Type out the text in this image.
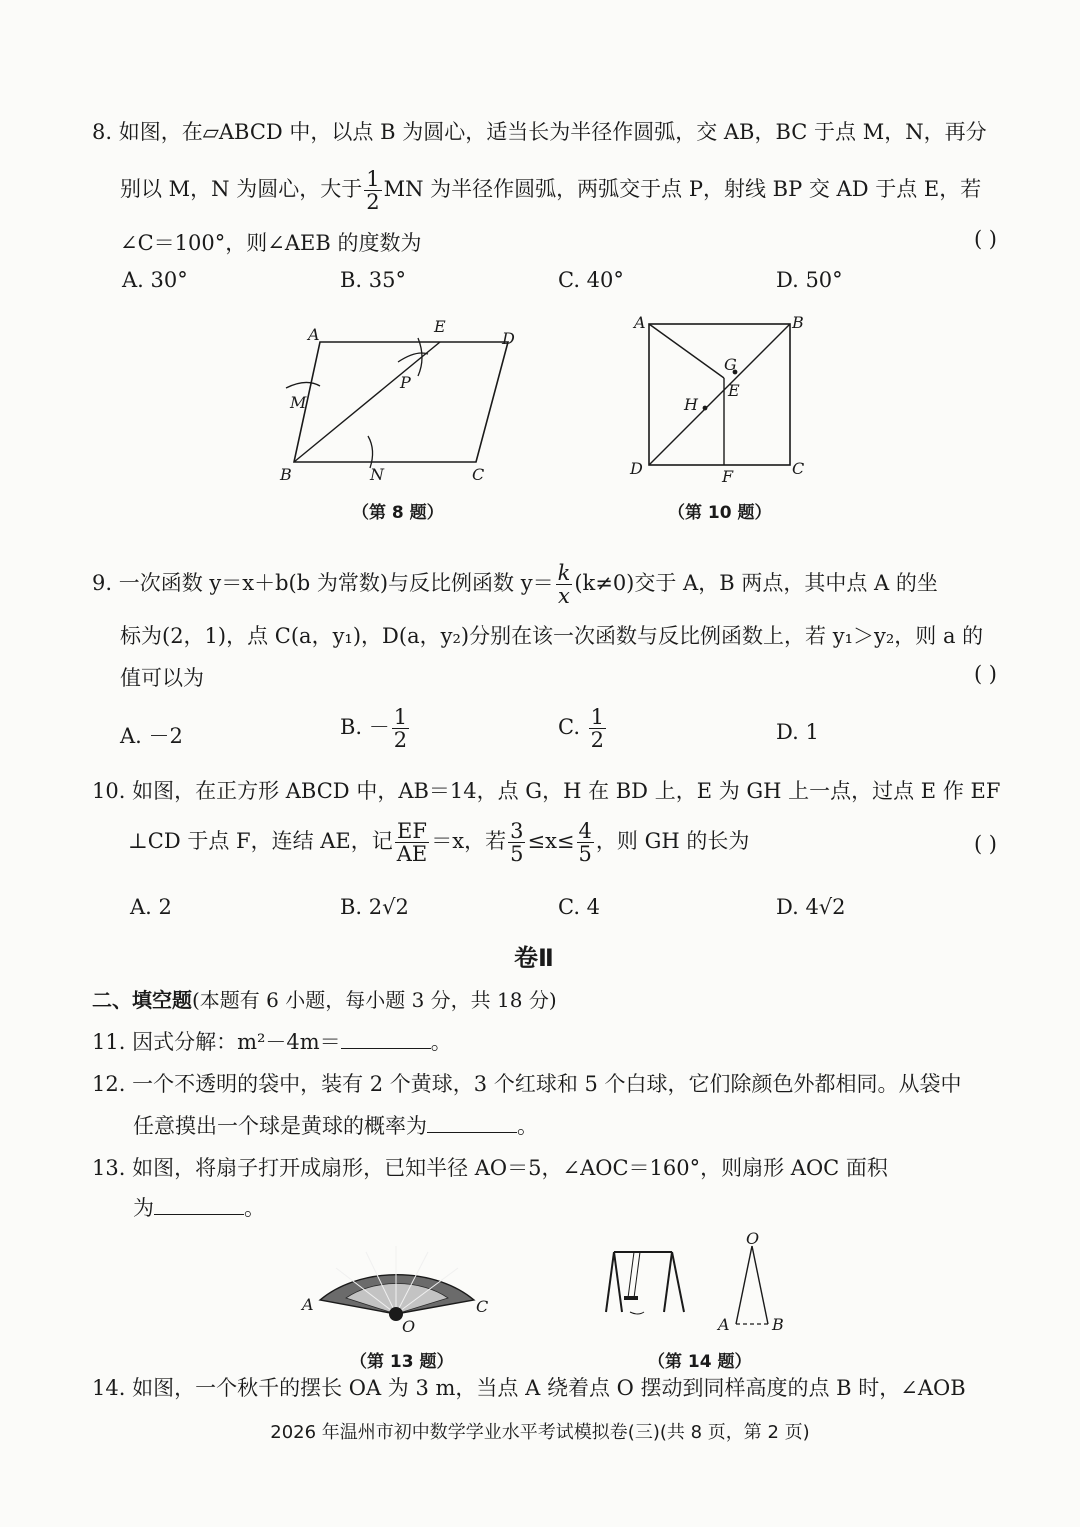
8. 如图，在▱ABCD 中，以点 B 为圆心，适当长为半径作圆弧，交 AB，BC 于点 M，N，再分
别以 M，N 为圆心，大于 $\frac{1}{2}$ MN 为半径作圆弧，两弧交于点 P，射线 BP 交 AD 于点 E，若
∠C＝100°，则∠AEB 的度数为	( )
A. 30°	B. 35°	C. 40°	D. 50°
A	E
D
M
P
B	N	C
（第 8 题）
A	B
G
E
H
D	F	C
（第 10 题）
9. 一次函数 y＝x＋b(b 为常数)与反比例函数 $y= \frac{k}{x} (k\ne 0)$交于 A，B 两点，其中点 A 的坐
标为(2，1)，点 C(a，y₁)，D(a，y₂)分别在该一次函数与反比例函数上，若 y₁＞y₂，则 a 的
值可以为	( )
A. －2	B. － $\frac{1}{2}$	C. $\frac{1}{2}$	D. 1
10. 如图，在正方形 ABCD 中，AB＝14，点 G，H 在 BD 上，E 为 GH 上一点，过点 E 作 EF
⊥CD 于点 F，连结 AE，记 $\frac{EF}{AE} =x$，若 $\frac{3}{5} \le x\le \frac{4}{5}$ ，则 GH 的长为	( )
A. 2	B. 2√2	C. 4	D. 4√2
卷Ⅱ
二、填空题(本题有 6 小题，每小题 3 分，共 18 分)
11. 因式分解：m²－4m＝	。
12. 一个不透明的袋中，装有 2 个黄球，3 个红球和 5 个白球，它们除颜色外都相同。从袋中
任意摸出一个球是黄球的概率为	。
13. 如图，将扇子打开成扇形，已知半径 AO＝5，∠AOC＝160°，则扇形 AOC 面积
为	。
A
O
C
（第 13 题）
O
A	B
（第 14 题）
14. 如图，一个秋千的摆长 OA 为 3 m，当点 A 绕着点 O 摆动到同样高度的点 B 时，∠AOB
2026 年温州市初中数学学业水平考试模拟卷(三)(共 8 页，第 2 页)
